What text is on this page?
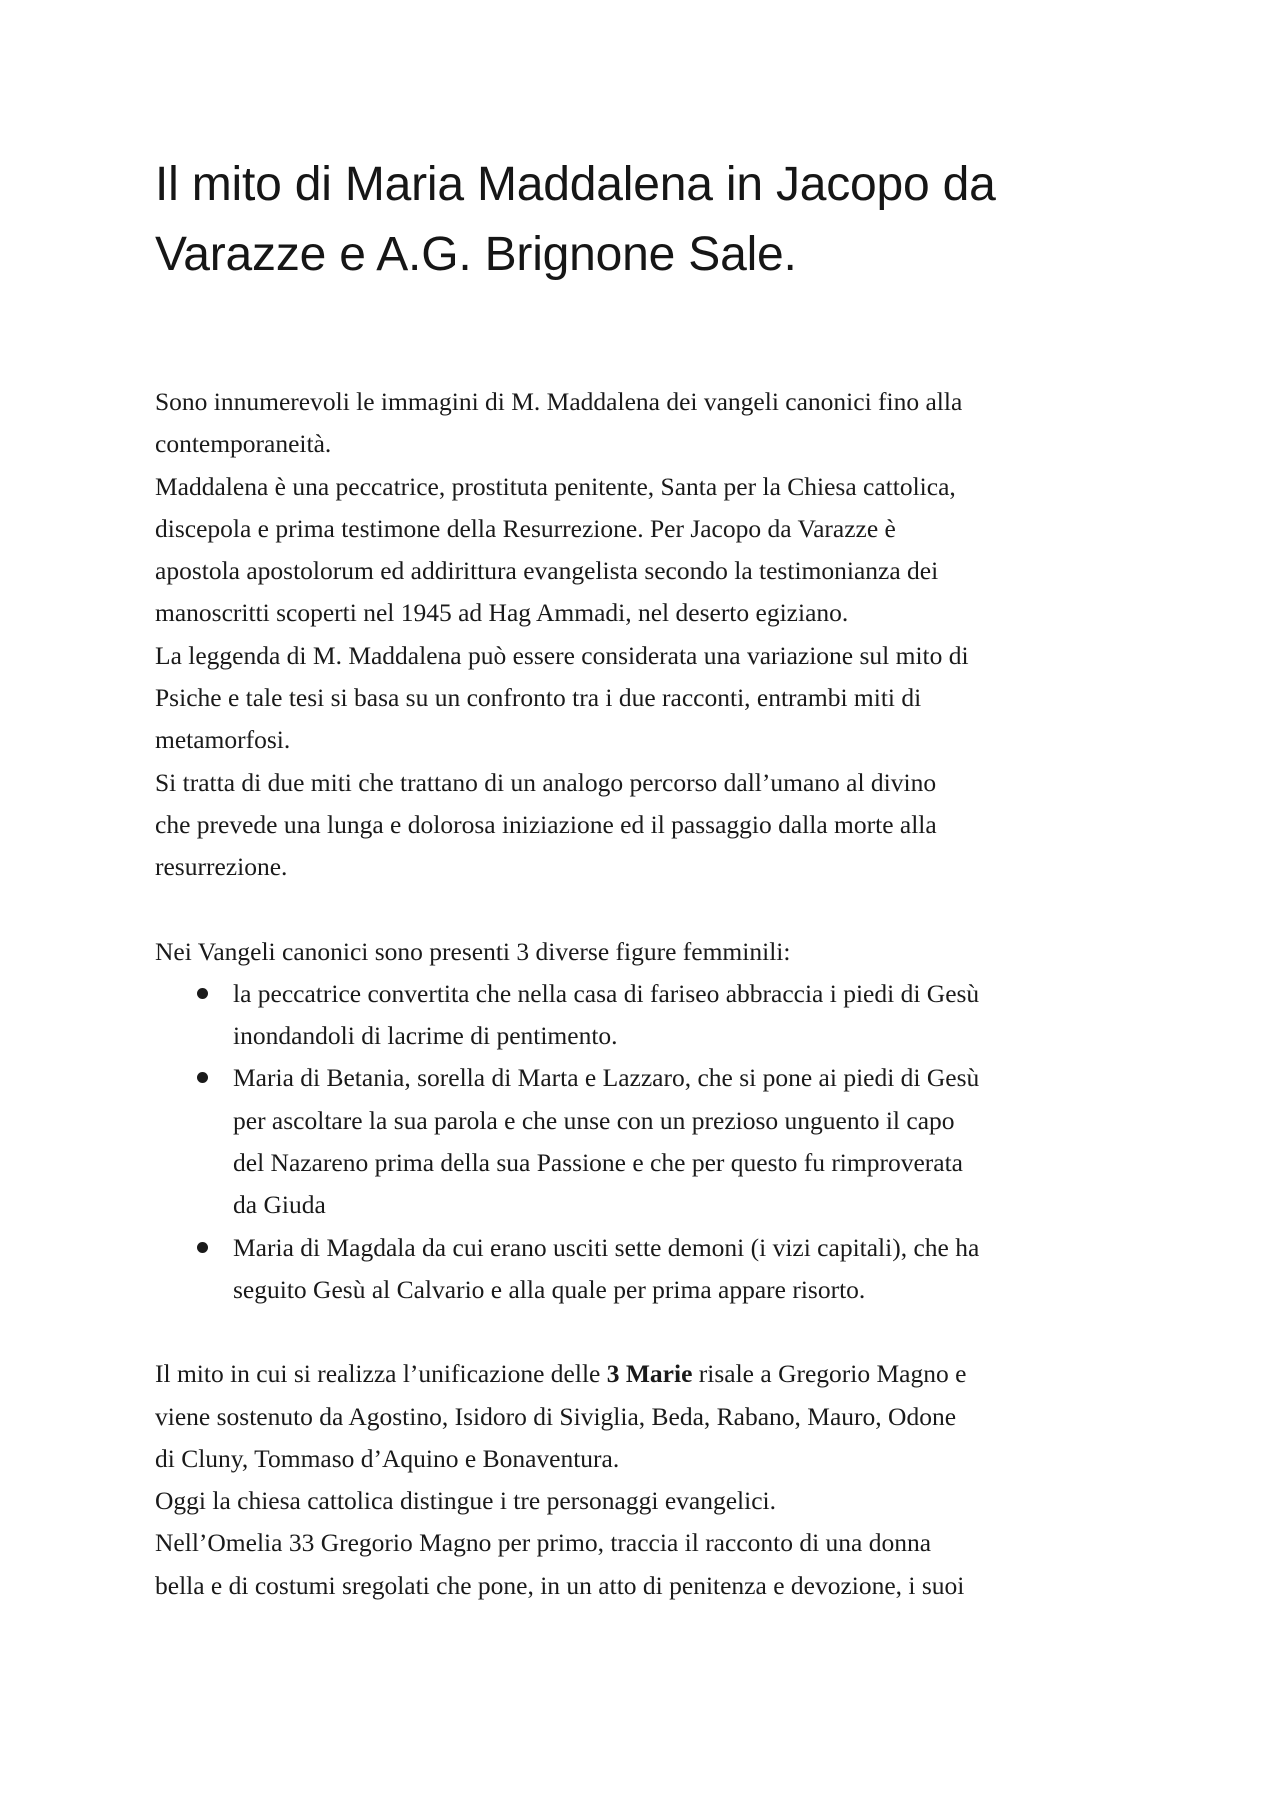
Il mito di Maria Maddalena in Jacopo da
Varazze e A.G. Brignone Sale.

Sono innumerevoli le immagini di M. Maddalena dei vangeli canonici fino alla
contemporaneità.
Maddalena è una peccatrice, prostituta penitente, Santa per la Chiesa cattolica,
discepola e prima testimone della Resurrezione. Per Jacopo da Varazze è
apostola apostolorum ed addirittura evangelista secondo la testimonianza dei
manoscritti scoperti nel 1945 ad Hag Ammadi, nel deserto egiziano.
La leggenda di M. Maddalena può essere considerata una variazione sul mito di
Psiche e tale tesi si basa su un confronto tra i due racconti, entrambi miti di
metamorfosi.
Si tratta di due miti che trattano di un analogo percorso dall’umano al divino
che prevede una lunga e dolorosa iniziazione ed il passaggio dalla morte alla
resurrezione.

Nei Vangeli canonici sono presenti 3 diverse figure femminili:

la peccatrice convertita che nella casa di fariseo abbraccia i piedi di Gesù
inondandoli di lacrime di pentimento.
Maria di Betania, sorella di Marta e Lazzaro, che si pone ai piedi di Gesù
per ascoltare la sua parola e che unse con un prezioso unguento il capo
del Nazareno prima della sua Passione e che per questo fu rimproverata
da Giuda
Maria di Magdala da cui erano usciti sette demoni (i vizi capitali), che ha
seguito Gesù al Calvario e alla quale per prima appare risorto.

Il mito in cui si realizza l’unificazione delle 3 Marie risale a Gregorio Magno e
viene sostenuto da Agostino, Isidoro di Siviglia, Beda, Rabano, Mauro, Odone
di Cluny, Tommaso d’Aquino e Bonaventura.
Oggi la chiesa cattolica distingue i tre personaggi evangelici.
Nell’Omelia 33 Gregorio Magno per primo, traccia il racconto di una donna
bella e di costumi sregolati che pone, in un atto di penitenza e devozione, i suoi
